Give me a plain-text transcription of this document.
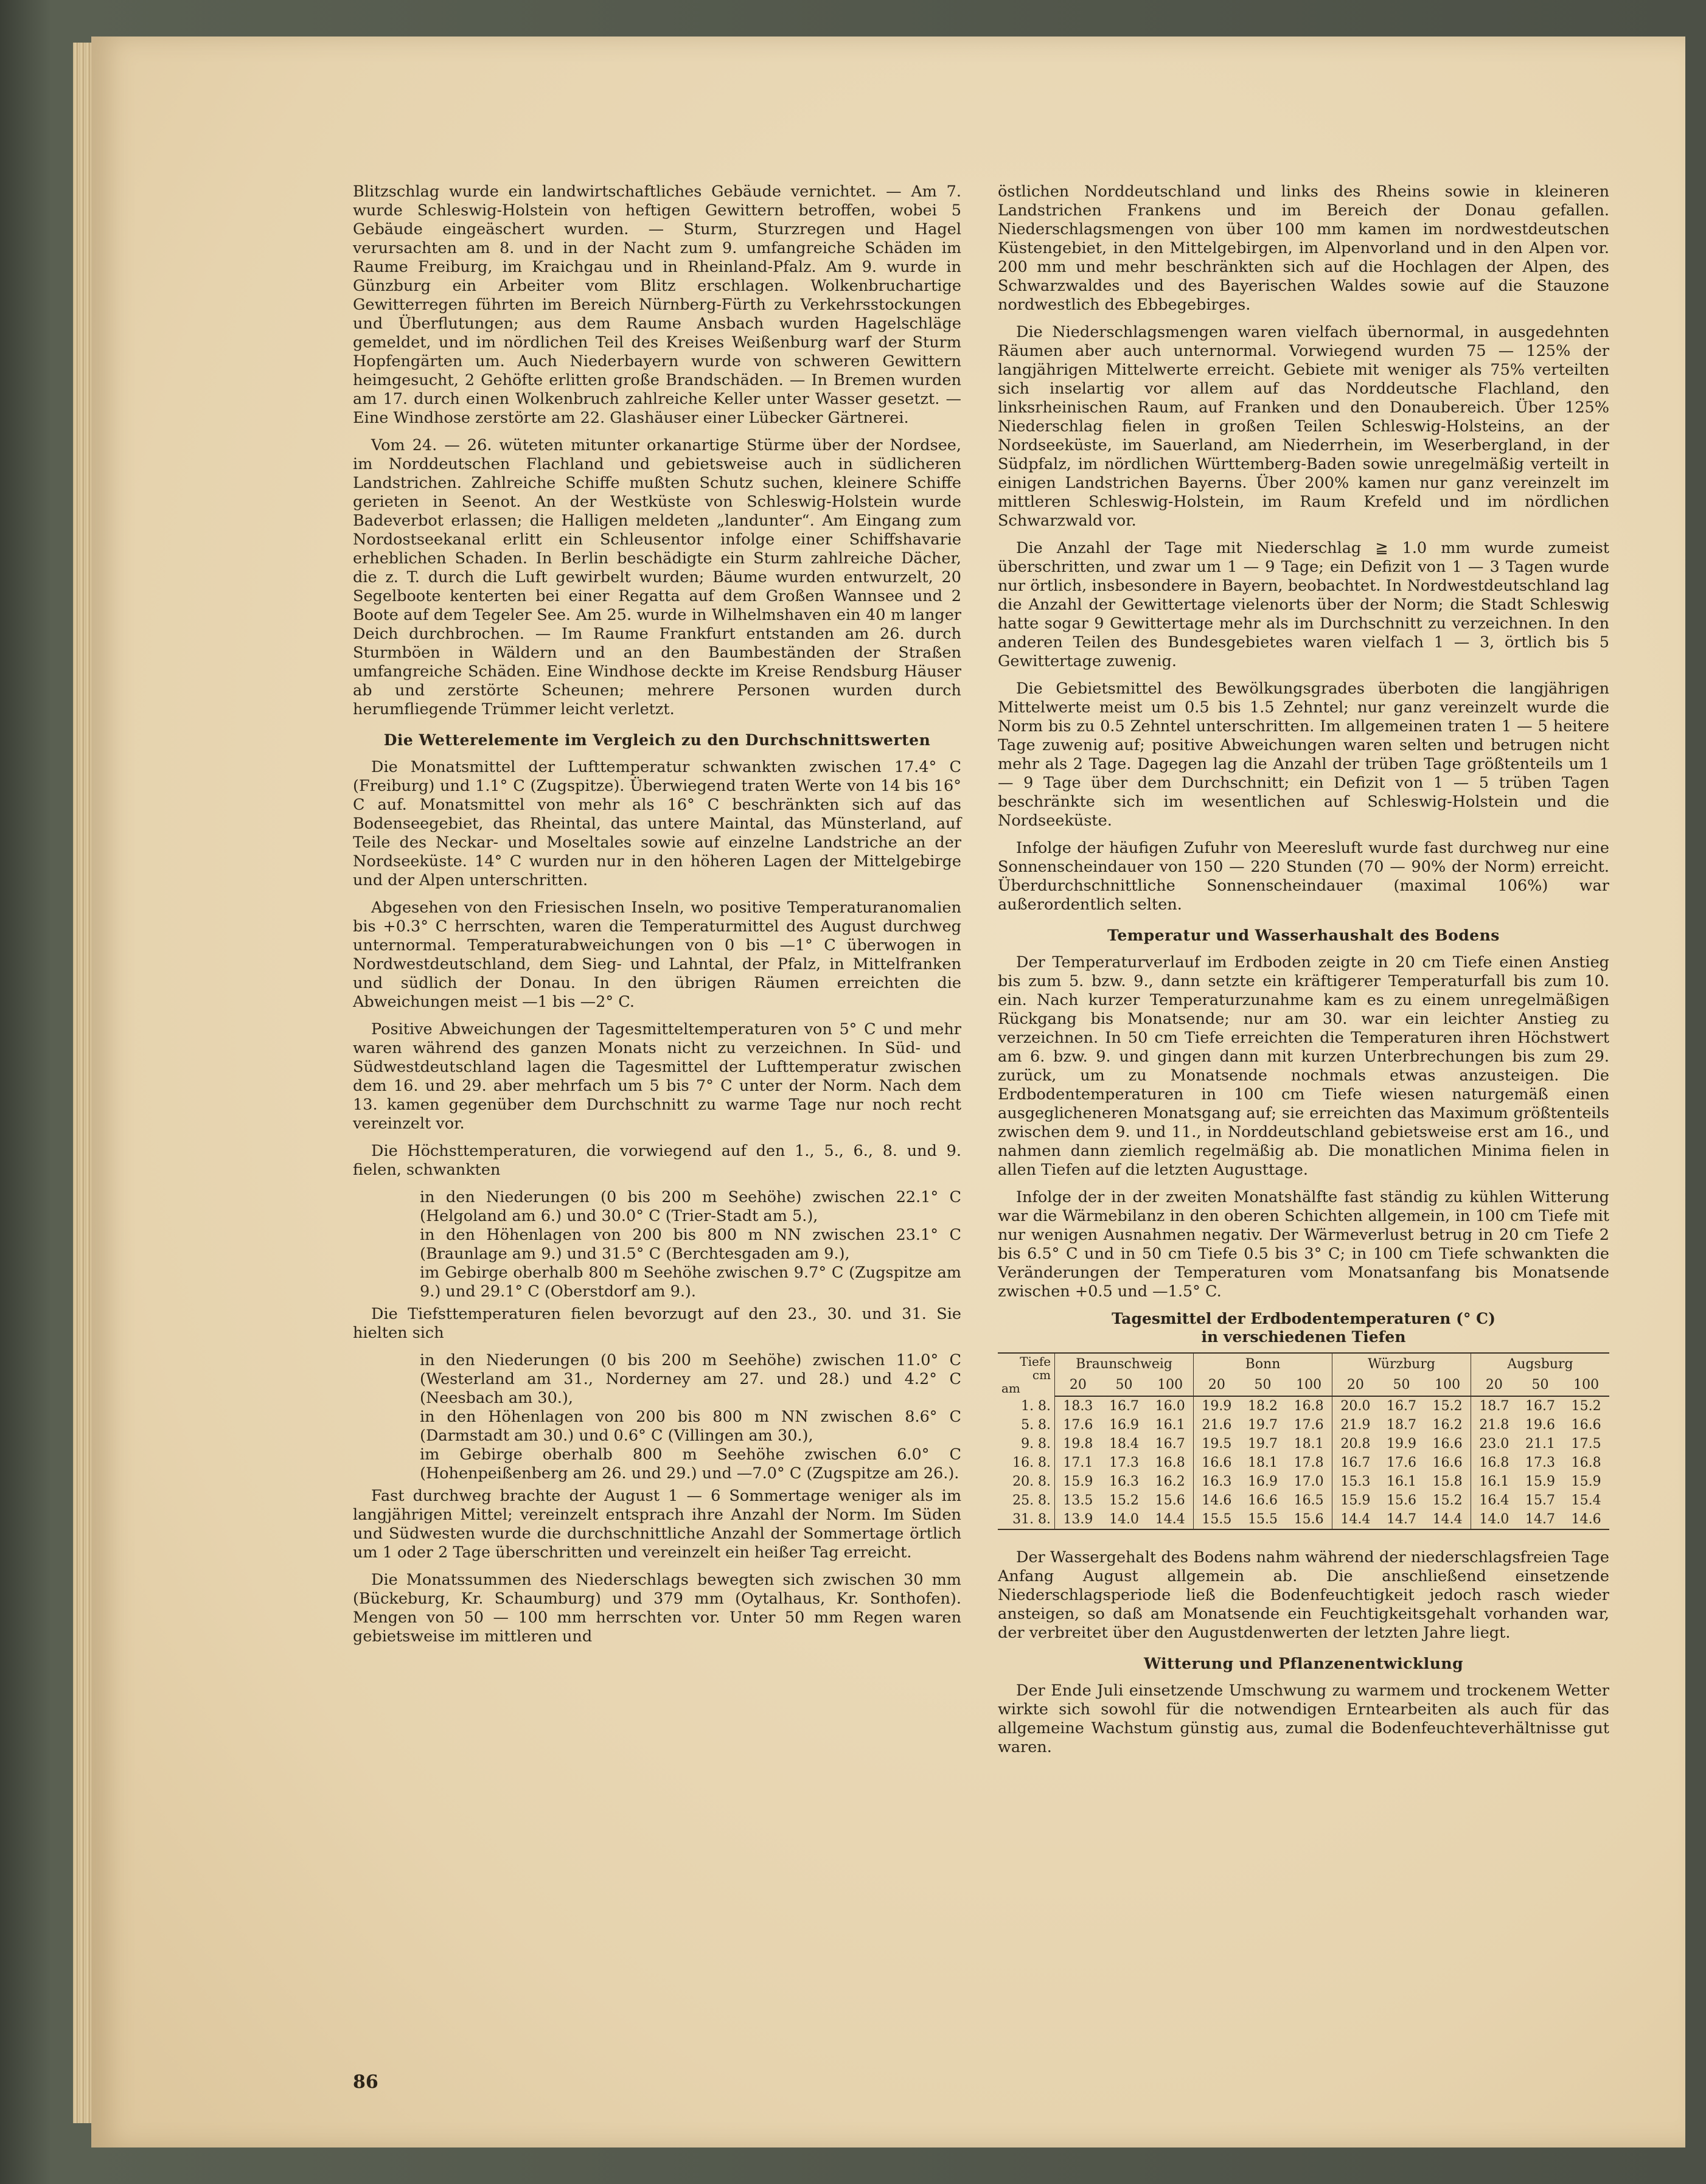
Blitzschlag wurde ein landwirtschaftliches Gebäude vernichtet. — Am 7. wurde Schleswig-Holstein von heftigen Gewittern betroffen, wobei 5 Gebäude eingeäschert wurden. — Sturm, Sturzregen und Hagel verursachten am 8. und in der Nacht zum 9. umfangreiche Schäden im Raume Freiburg, im Kraichgau und in Rheinland-Pfalz. Am 9. wurde in Günzburg ein Arbeiter vom Blitz erschlagen. Wolkenbruchartige Gewitterregen führten im Bereich Nürnberg-Fürth zu Verkehrsstockungen und Überflutungen; aus dem Raume Ansbach wurden Hagelschläge gemeldet, und im nördlichen Teil des Kreises Weißenburg warf der Sturm Hopfengärten um. Auch Niederbayern wurde von schweren Gewittern heimgesucht, 2 Gehöfte erlitten große Brandschäden. — In Bremen wurden am 17. durch einen Wolkenbruch zahlreiche Keller unter Wasser gesetzt. — Eine Windhose zerstörte am 22. Glashäuser einer Lübecker Gärtnerei.

Vom 24. — 26. wüteten mitunter orkanartige Stürme über der Nordsee, im Norddeutschen Flachland und gebietsweise auch in südlicheren Landstrichen. Zahlreiche Schiffe mußten Schutz suchen, kleinere Schiffe gerieten in Seenot. An der Westküste von Schleswig-Holstein wurde Badeverbot erlassen; die Halligen meldeten „landunter“. Am Eingang zum Nordostseekanal erlitt ein Schleusentor infolge einer Schiffshavarie erheblichen Schaden. In Berlin beschädigte ein Sturm zahlreiche Dächer, die z. T. durch die Luft gewirbelt wurden; Bäume wurden entwurzelt, 20 Segelboote kenterten bei einer Regatta auf dem Großen Wannsee und 2 Boote auf dem Tegeler See. Am 25. wurde in Wilhelmshaven ein 40 m langer Deich durchbrochen. — Im Raume Frankfurt entstanden am 26. durch Sturmböen in Wäldern und an den Baumbeständen der Straßen umfangreiche Schäden. Eine Windhose deckte im Kreise Rendsburg Häuser ab und zerstörte Scheunen; mehrere Personen wurden durch herumfliegende Trümmer leicht verletzt.

Die Wetterelemente im Vergleich zu den Durchschnittswerten

Die Monatsmittel der Lufttemperatur schwankten zwischen 17.4° C (Freiburg) und 1.1° C (Zugspitze). Überwiegend traten Werte von 14 bis 16° C auf. Monatsmittel von mehr als 16° C beschränkten sich auf das Bodenseegebiet, das Rheintal, das untere Maintal, das Münsterland, auf Teile des Neckar- und Moseltales sowie auf einzelne Landstriche an der Nordseeküste. 14° C wurden nur in den höheren Lagen der Mittelgebirge und der Alpen unterschritten.

Abgesehen von den Friesischen Inseln, wo positive Temperaturanomalien bis +0.3° C herrschten, waren die Temperaturmittel des August durchweg unternormal. Temperaturabweichungen von 0 bis —1° C überwogen in Nordwestdeutschland, dem Sieg- und Lahntal, der Pfalz, in Mittelfranken und südlich der Donau. In den übrigen Räumen erreichten die Abweichungen meist —1 bis —2° C.

Positive Abweichungen der Tagesmitteltemperaturen von 5° C und mehr waren während des ganzen Monats nicht zu verzeichnen. In Süd- und Südwestdeutschland lagen die Tagesmittel der Lufttemperatur zwischen dem 16. und 29. aber mehrfach um 5 bis 7° C unter der Norm. Nach dem 13. kamen gegenüber dem Durchschnitt zu warme Tage nur noch recht vereinzelt vor.

Die Höchsttemperaturen, die vorwiegend auf den 1., 5., 6., 8. und 9. fielen, schwankten

in den Niederungen (0 bis 200 m Seehöhe) zwischen 22.1° C (Helgoland am 6.) und 30.0° C (Trier-Stadt am 5.),
in den Höhenlagen von 200 bis 800 m NN zwischen 23.1° C (Braunlage am 9.) und 31.5° C (Berchtesgaden am 9.),
im Gebirge oberhalb 800 m Seehöhe zwischen 9.7° C (Zugspitze am 9.) und 29.1° C (Oberstdorf am 9.).

Die Tiefsttemperaturen fielen bevorzugt auf den 23., 30. und 31. Sie hielten sich

in den Niederungen (0 bis 200 m Seehöhe) zwischen 11.0° C (Westerland am 31., Norderney am 27. und 28.) und 4.2° C (Neesbach am 30.),
in den Höhenlagen von 200 bis 800 m NN zwischen 8.6° C (Darmstadt am 30.) und 0.6° C (Villingen am 30.),
im Gebirge oberhalb 800 m Seehöhe zwischen 6.0° C (Hohenpeißenberg am 26. und 29.) und —7.0° C (Zugspitze am 26.).

Fast durchweg brachte der August 1 — 6 Sommertage weniger als im langjährigen Mittel; vereinzelt entsprach ihre Anzahl der Norm. Im Süden und Südwesten wurde die durchschnittliche Anzahl der Sommertage örtlich um 1 oder 2 Tage überschritten und vereinzelt ein heißer Tag erreicht.

Die Monatssummen des Niederschlags bewegten sich zwischen 30 mm (Bückeburg, Kr. Schaumburg) und 379 mm (Oytalhaus, Kr. Sonthofen). Mengen von 50 — 100 mm herrschten vor. Unter 50 mm Regen waren gebietsweise im mittleren und

östlichen Norddeutschland und links des Rheins sowie in kleineren Landstrichen Frankens und im Bereich der Donau gefallen. Niederschlagsmengen von über 100 mm kamen im nordwestdeutschen Küstengebiet, in den Mittelgebirgen, im Alpenvorland und in den Alpen vor. 200 mm und mehr beschränkten sich auf die Hochlagen der Alpen, des Schwarzwaldes und des Bayerischen Waldes sowie auf die Stauzone nordwestlich des Ebbegebirges.

Die Niederschlagsmengen waren vielfach übernormal, in ausgedehnten Räumen aber auch unternormal. Vorwiegend wurden 75 — 125% der langjährigen Mittelwerte erreicht. Gebiete mit weniger als 75% verteilten sich inselartig vor allem auf das Norddeutsche Flachland, den linksrheinischen Raum, auf Franken und den Donaubereich. Über 125% Niederschlag fielen in großen Teilen Schleswig-Holsteins, an der Nordseeküste, im Sauerland, am Niederrhein, im Weserbergland, in der Südpfalz, im nördlichen Württemberg-Baden sowie unregelmäßig verteilt in einigen Landstrichen Bayerns. Über 200% kamen nur ganz vereinzelt im mittleren Schleswig-Holstein, im Raum Krefeld und im nördlichen Schwarzwald vor.

Die Anzahl der Tage mit Niederschlag ≧ 1.0 mm wurde zumeist überschritten, und zwar um 1 — 9 Tage; ein Defizit von 1 — 3 Tagen wurde nur örtlich, insbesondere in Bayern, beobachtet. In Nordwestdeutschland lag die Anzahl der Gewittertage vielenorts über der Norm; die Stadt Schleswig hatte sogar 9 Gewittertage mehr als im Durchschnitt zu verzeichnen. In den anderen Teilen des Bundesgebietes waren vielfach 1 — 3, örtlich bis 5 Gewittertage zuwenig.

Die Gebietsmittel des Bewölkungsgrades überboten die langjährigen Mittelwerte meist um 0.5 bis 1.5 Zehntel; nur ganz vereinzelt wurde die Norm bis zu 0.5 Zehntel unterschritten. Im allgemeinen traten 1 — 5 heitere Tage zuwenig auf; positive Abweichungen waren selten und betrugen nicht mehr als 2 Tage. Dagegen lag die Anzahl der trüben Tage größtenteils um 1 — 9 Tage über dem Durchschnitt; ein Defizit von 1 — 5 trüben Tagen beschränkte sich im wesentlichen auf Schleswig-Holstein und die Nordseeküste.

Infolge der häufigen Zufuhr von Meeresluft wurde fast durchweg nur eine Sonnenscheindauer von 150 — 220 Stunden (70 — 90% der Norm) erreicht. Überdurchschnittliche Sonnenscheindauer (maximal 106%) war außerordentlich selten.

Temperatur und Wasserhaushalt des Bodens

Der Temperaturverlauf im Erdboden zeigte in 20 cm Tiefe einen Anstieg bis zum 5. bzw. 9., dann setzte ein kräftigerer Temperaturfall bis zum 10. ein. Nach kurzer Temperaturzunahme kam es zu einem unregelmäßigen Rückgang bis Monatsende; nur am 30. war ein leichter Anstieg zu verzeichnen. In 50 cm Tiefe erreichten die Temperaturen ihren Höchstwert am 6. bzw. 9. und gingen dann mit kurzen Unterbrechungen bis zum 29. zurück, um zu Monatsende nochmals etwas anzusteigen. Die Erdbodentemperaturen in 100 cm Tiefe wiesen naturgemäß einen ausgeglicheneren Monatsgang auf; sie erreichten das Maximum größtenteils zwischen dem 9. und 11., in Norddeutschland gebietsweise erst am 16., und nahmen dann ziemlich regelmäßig ab. Die monatlichen Minima fielen in allen Tiefen auf die letzten Augusttage.

Infolge der in der zweiten Monatshälfte fast ständig zu kühlen Witterung war die Wärmebilanz in den oberen Schichten allgemein, in 100 cm Tiefe mit nur wenigen Ausnahmen negativ. Der Wärmeverlust betrug in 20 cm Tiefe 2 bis 6.5° C und in 50 cm Tiefe 0.5 bis 3° C; in 100 cm Tiefe schwankten die Veränderungen der Temperaturen vom Monatsanfang bis Monatsende zwischen +0.5 und —1.5° C.

Tagesmittel der Erdbodentemperaturen (° C)
in verschiedenen Tiefen
Tiefe
cm
am	Braunschweig			Bonn			Würzburg			Augsburg		
	20	50	100	20	50	100	20	50	100	20	50	100
1. 8.	18.3	16.7	16.0	19.9	18.2	16.8	20.0	16.7	15.2	18.7	16.7	15.2
5. 8.	17.6	16.9	16.1	21.6	19.7	17.6	21.9	18.7	16.2	21.8	19.6	16.6
9. 8.	19.8	18.4	16.7	19.5	19.7	18.1	20.8	19.9	16.6	23.0	21.1	17.5
16. 8.	17.1	17.3	16.8	16.6	18.1	17.8	16.7	17.6	16.6	16.8	17.3	16.8
20. 8.	15.9	16.3	16.2	16.3	16.9	17.0	15.3	16.1	15.8	16.1	15.9	15.9
25. 8.	13.5	15.2	15.6	14.6	16.6	16.5	15.9	15.6	15.2	16.4	15.7	15.4
31. 8.	13.9	14.0	14.4	15.5	15.5	15.6	14.4	14.7	14.4	14.0	14.7	14.6

Der Wassergehalt des Bodens nahm während der niederschlagsfreien Tage Anfang August allgemein ab. Die anschließend einsetzende Niederschlagsperiode ließ die Bodenfeuchtigkeit jedoch rasch wieder ansteigen, so daß am Monatsende ein Feuchtigkeitsgehalt vorhanden war, der verbreitet über den Augustdenwerten der letzten Jahre liegt.

Witterung und Pflanzenentwicklung

Der Ende Juli einsetzende Umschwung zu warmem und trockenem Wetter wirkte sich sowohl für die notwendigen Erntearbeiten als auch für das allgemeine Wachstum günstig aus, zumal die Bodenfeuchteverhältnisse gut waren.

86
